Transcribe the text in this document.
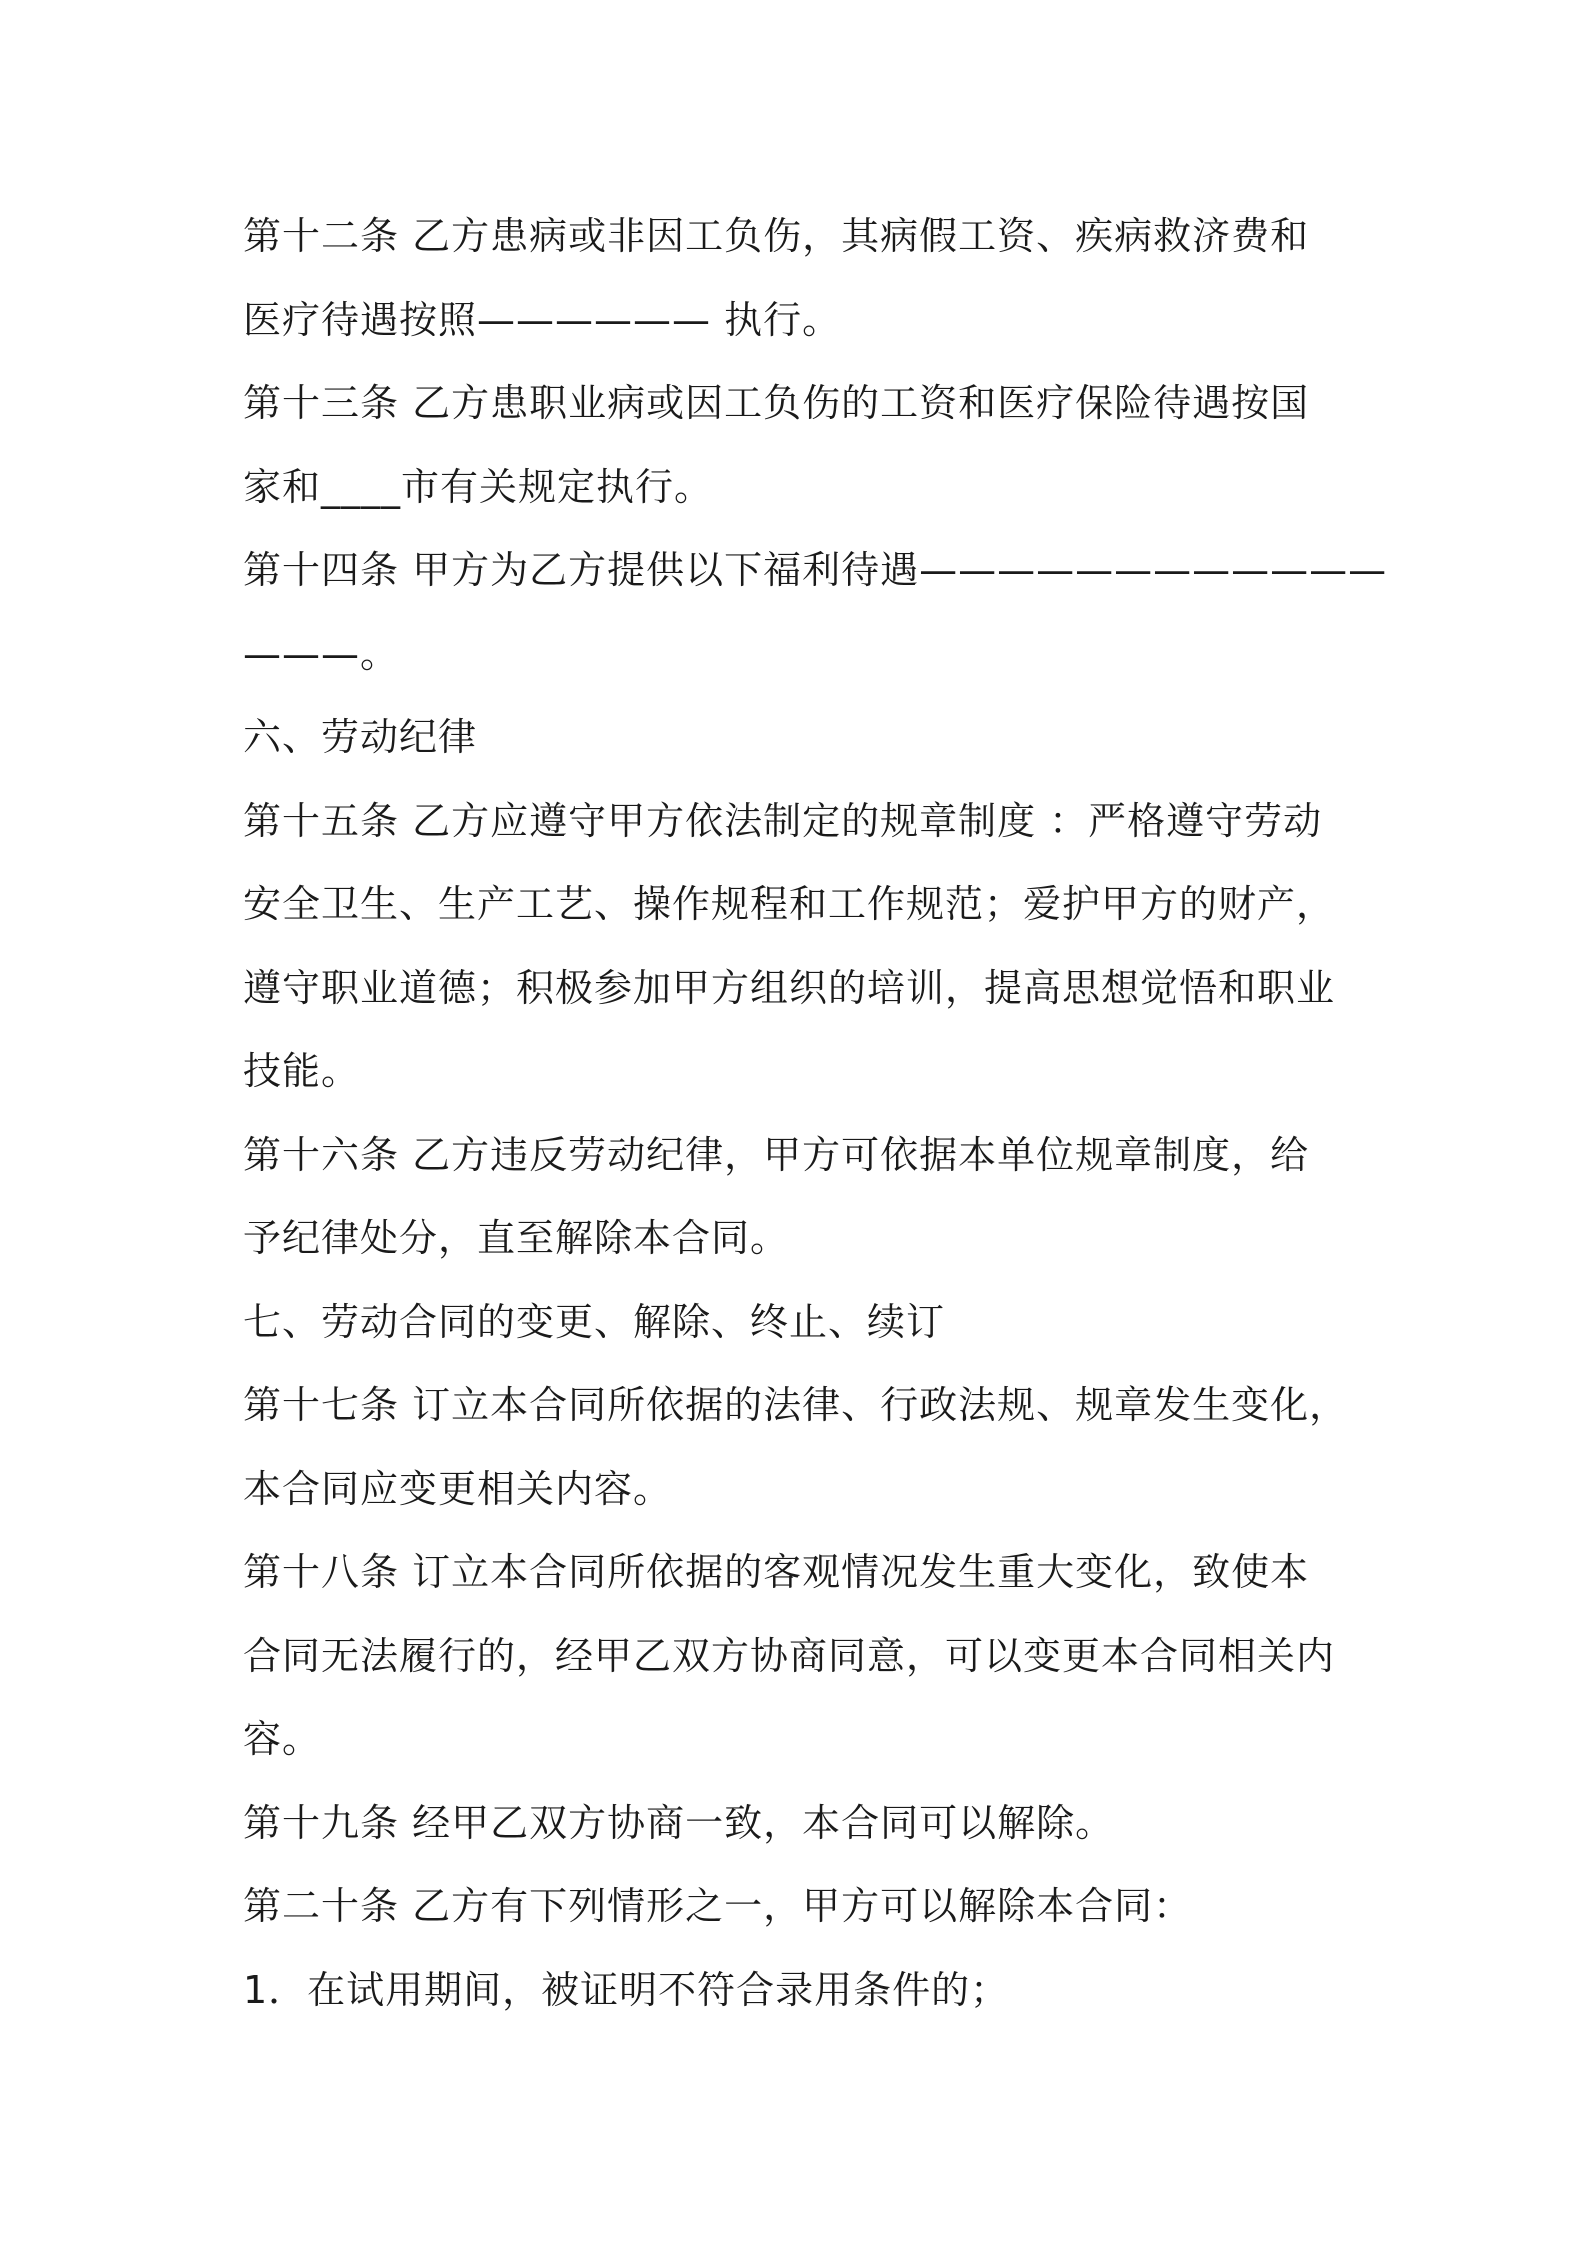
第十二条 乙方患病或非因工负伤，其病假工资、疾病救济费和
医疗待遇按照—————— 执行。
第十三条 乙方患职业病或因工负伤的工资和医疗保险待遇按国
家和____市有关规定执行。
第十四条 甲方为乙方提供以下福利待遇————————————
———。
六、劳动纪律
第十五条 乙方应遵守甲方依法制定的规章制度 ：严格遵守劳动
安全卫生、生产工艺、操作规程和工作规范；爱护甲方的财产，
遵守职业道德；积极参加甲方组织的培训，提高思想觉悟和职业
技能。
第十六条 乙方违反劳动纪律，甲方可依据本单位规章制度，给
予纪律处分，直至解除本合同。
七、劳动合同的变更、解除、终止、续订
第十七条 订立本合同所依据的法律、行政法规、规章发生变化，
本合同应变更相关内容。
第十八条 订立本合同所依据的客观情况发生重大变化，致使本
合同无法履行的，经甲乙双方协商同意，可以变更本合同相关内
容。
第十九条 经甲乙双方协商一致，本合同可以解除。
第二十条 乙方有下列情形之一，甲方可以解除本合同：
1．在试用期间，被证明不符合录用条件的；
